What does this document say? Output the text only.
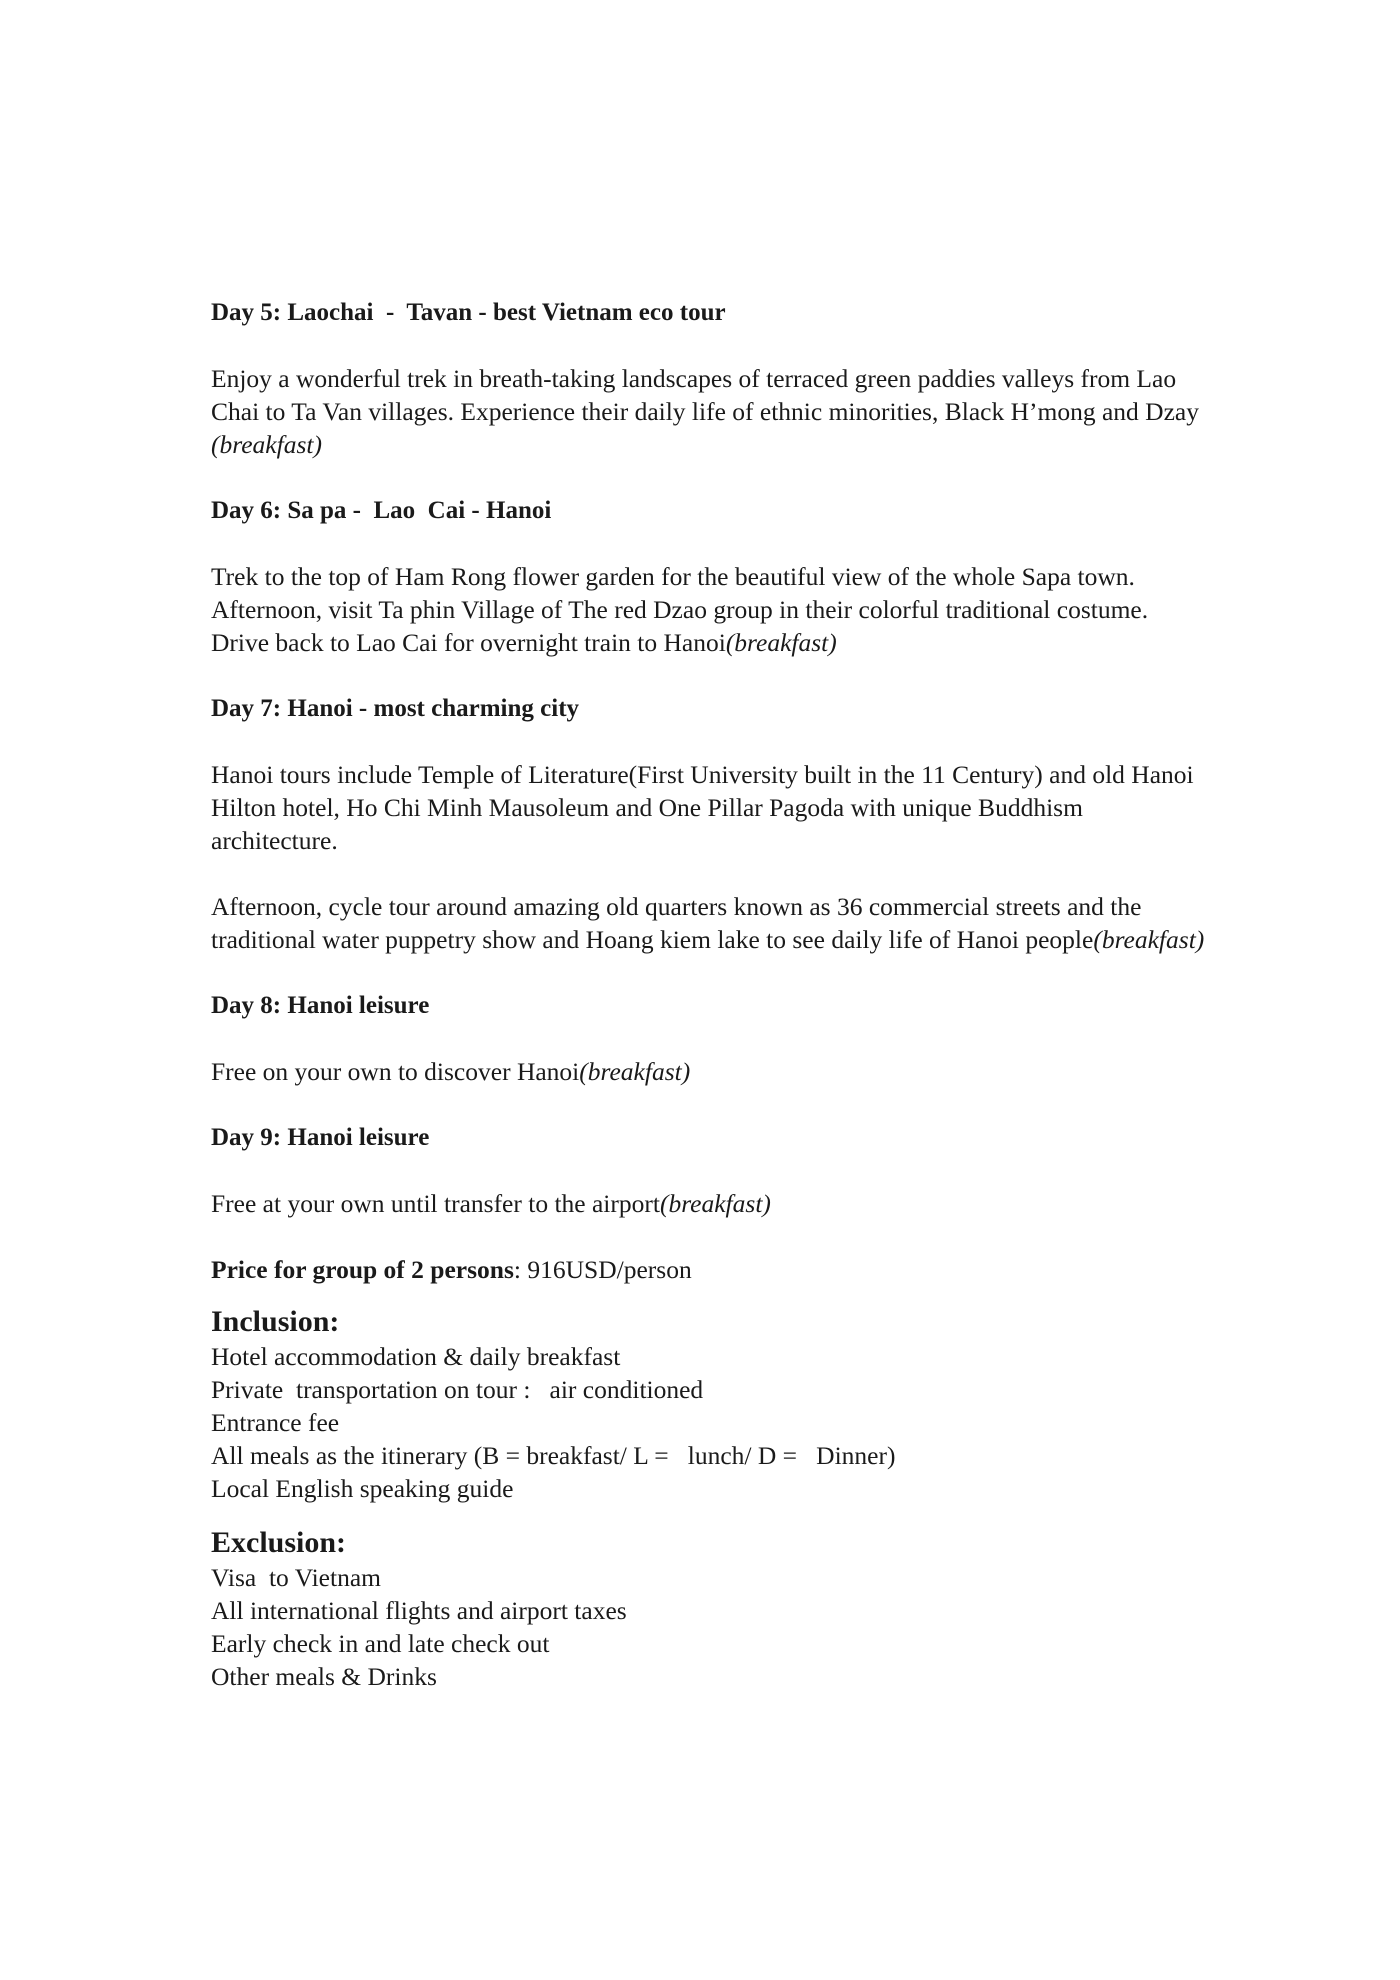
Day 5: Laochai  -  Tavan - best Vietnam eco tour

Enjoy a wonderful trek in breath-taking landscapes of terraced green paddies valleys from Lao Chai to Ta Van villages. Experience their daily life of ethnic minorities, Black H’mong and Dzay (breakfast)

Day 6: Sa pa -  Lao  Cai - Hanoi

Trek to the top of Ham Rong flower garden for the beautiful view of the whole Sapa town. Afternoon, visit Ta phin Village of The red Dzao group in their colorful traditional costume. Drive back to Lao Cai for overnight train to Hanoi(breakfast)

Day 7: Hanoi - most charming city

Hanoi tours include Temple of Literature(First University built in the 11 Century) and old Hanoi Hilton hotel, Ho Chi Minh Mausoleum and One Pillar Pagoda with unique Buddhism architecture.

Afternoon, cycle tour around amazing old quarters known as 36 commercial streets and the traditional water puppetry show and Hoang kiem lake to see daily life of Hanoi people(breakfast)

Day 8: Hanoi leisure

Free on your own to discover Hanoi(breakfast)

Day 9: Hanoi leisure

Free at your own until transfer to the airport(breakfast)

Price for group of 2 persons: 916USD/person

Inclusion:
Hotel accommodation & daily breakfast
Private  transportation on tour :   air conditioned
Entrance fee
All meals as the itinerary (B = breakfast/ L =   lunch/ D =   Dinner)
Local English speaking guide
Exclusion:
Visa  to Vietnam
All international flights and airport taxes
Early check in and late check out
Other meals & Drinks
